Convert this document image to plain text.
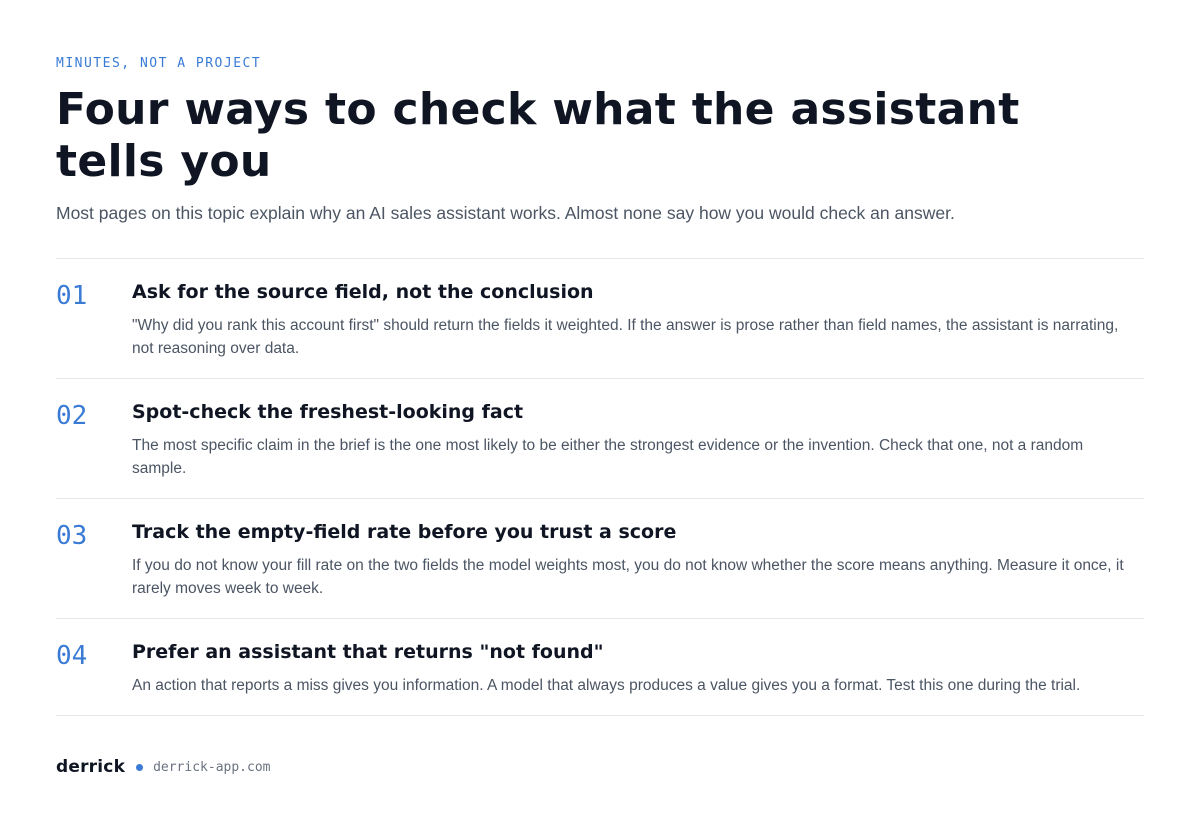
MINUTES, NOT A PROJECT
Four ways to check what the assistant tells you
Most pages on this topic explain why an AI sales assistant works. Almost none say how you would check an answer.
01 Ask for the source field, not the conclusion

"Why did you rank this account first" should return the fields it weighted. If the answer is prose rather than field names, the assistant is narrating, not reasoning over data.

02 Spot-check the freshest-looking fact

The most specific claim in the brief is the one most likely to be either the strongest evidence or the invention. Check that one, not a random sample.

03 Track the empty-field rate before you trust a score

If you do not know your fill rate on the two fields the model weights most, you do not know whether the score means anything. Measure it once, it rarely moves week to week.

04 Prefer an assistant that returns "not found"

An action that reports a miss gives you information. A model that always produces a value gives you a format. Test this one during the trial.

derrick derrick-app.com
